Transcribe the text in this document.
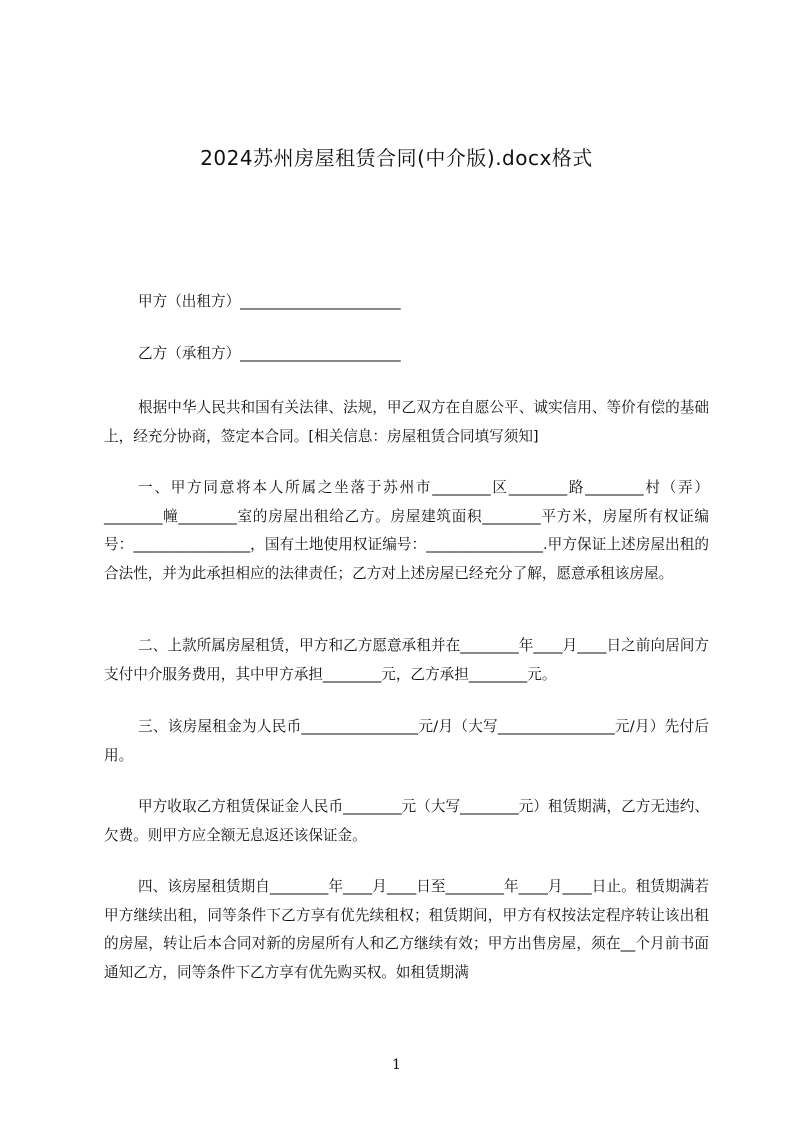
2024苏州房屋租赁合同(中介版).docx格式
甲方（出租方）______________________
乙方（承租方）______________________
根据中华人民共和国有关法律、法规，甲乙双方在自愿公平、诚实信用、等价有偿的基础上，经充分协商，签定本合同。[相关信息：房屋租赁合同填写须知]
一、甲方同意将本人所属之坐落于苏州市________区________路________村（弄）________幢________室的房屋出租给乙方。房屋建筑面积________平方米，房屋所有权证编号：________________，国有土地使用权证编号：________________.甲方保证上述房屋出租的合法性，并为此承担相应的法律责任；乙方对上述房屋已经充分了解，愿意承租该房屋。
二、上款所属房屋租赁，甲方和乙方愿意承租并在________年____月____日之前向居间方支付中介服务费用，其中甲方承担________元，乙方承担________元。
三、该房屋租金为人民币________________元/月（大写________________元/月）先付后用。
甲方收取乙方租赁保证金人民币________元（大写________元）租赁期满，乙方无违约、欠费。则甲方应全额无息返还该保证金。
四、该房屋租赁期自________年____月____日至________年____月____日止。租赁期满若甲方继续出租，同等条件下乙方享有优先续租权；租赁期间，甲方有权按法定程序转让该出租的房屋，转让后本合同对新的房屋所有人和乙方继续有效；甲方出售房屋，须在__个月前书面通知乙方，同等条件下乙方享有优先购买权。如租赁期满
1
